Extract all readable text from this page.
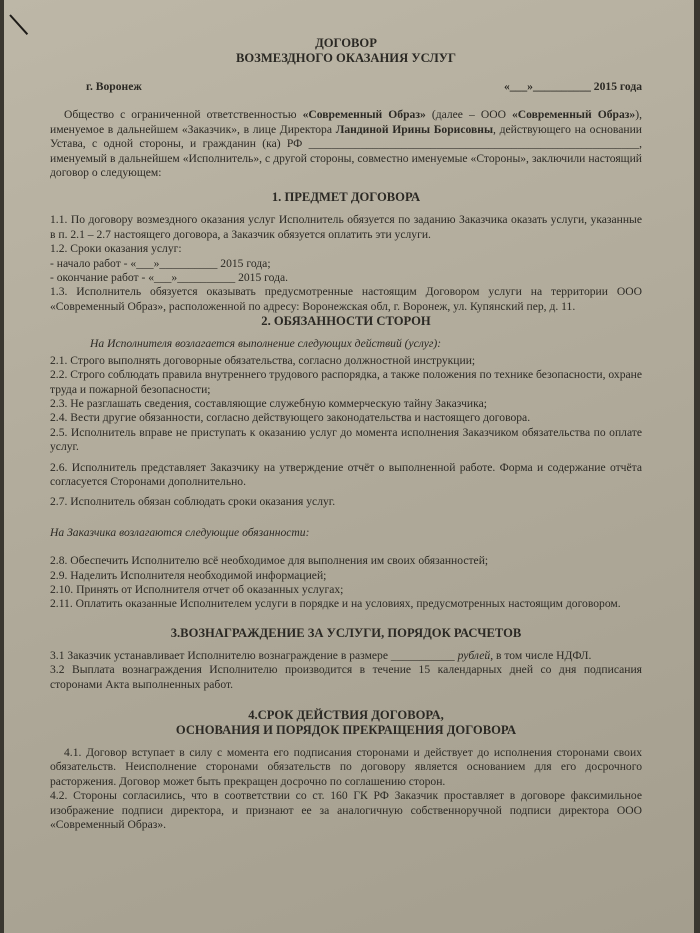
ДОГОВОР
ВОЗМЕЗДНОГО ОКАЗАНИЯ УСЛУГ
г. Воронеж	«___»__________ 2015 года

Общество с ограниченной ответственностью «Современный Образ» (далее – ООО «Современный Образ»), именуемое в дальнейшем «Заказчик», в лице Директора Ландиной Ирины Борисовны, действующего на основании Устава, с одной стороны, и гражданин (ка) РФ _________________________________________________________, именуемый в дальнейшем «Исполнитель», с другой стороны, совместно именуемые «Стороны», заключили настоящий договор о следующем:

1. ПРЕДМЕТ ДОГОВОРА

1.1. По договору возмездного оказания услуг Исполнитель обязуется по заданию Заказчика оказать услуги, указанные в п. 2.1 – 2.7 настоящего договора, а Заказчик обязуется оплатить эти услуги.

1.2. Сроки оказания услуг:

- начало работ - «___»__________ 2015 года;

- окончание работ - «___»__________ 2015 года.

1.3. Исполнитель обязуется оказывать предусмотренные настоящим Договором услуги на территории ООО «Современный Образ», расположенной по адресу: Воронежская обл, г. Воронеж, ул. Купянский пер, д. 11.

2. ОБЯЗАННОСТИ СТОРОН

На Исполнителя возлагается выполнение следующих действий (услуг):

2.1. Строго выполнять договорные обязательства, согласно должностной инструкции;

2.2. Строго соблюдать правила внутреннего трудового распорядка, а также положения по технике безопасности, охране труда и пожарной безопасности;

2.3. Не разглашать сведения, составляющие служебную коммерческую тайну Заказчика;

2.4. Вести другие обязанности, согласно действующего законодательства и настоящего договора.

2.5. Исполнитель вправе не приступать к оказанию услуг до момента исполнения Заказчиком обязательства по оплате услуг.

2.6. Исполнитель представляет Заказчику на утверждение отчёт о выполненной работе. Форма и содержание отчёта согласуется Сторонами дополнительно.

2.7. Исполнитель обязан соблюдать сроки оказания услуг.

На Заказчика возлагаются следующие обязанности:

2.8. Обеспечить Исполнителю всё необходимое для выполнения им своих обязанностей;

2.9. Наделить Исполнителя необходимой информацией;

2.10. Принять от Исполнителя отчет об оказанных услугах;

2.11. Оплатить оказанные Исполнителем услуги в порядке и на условиях, предусмотренных настоящим договором.

3.ВОЗНАГРАЖДЕНИЕ ЗА УСЛУГИ, ПОРЯДОК РАСЧЕТОВ

3.1 Заказчик устанавливает Исполнителю вознаграждение в размере ___________ рублей, в том числе НДФЛ.

3.2 Выплата вознаграждения Исполнителю производится в течение 15 календарных дней со дня подписания сторонами Акта выполненных работ.

4.СРОК ДЕЙСТВИЯ ДОГОВОРА,
ОСНОВАНИЯ И ПОРЯДОК ПРЕКРАЩЕНИЯ ДОГОВОРА

4.1. Договор вступает в силу с момента его подписания сторонами и действует до исполнения сторонами своих обязательств. Неисполнение сторонами обязательств по договору является основанием для его досрочного расторжения. Договор может быть прекращен досрочно по соглашению сторон.

4.2. Стороны согласились, что в соответствии со ст. 160 ГК РФ Заказчик проставляет в договоре факсимильное изображение подписи директора, и признают ее за аналогичную собственноручной подписи директора ООО «Современный Образ».
